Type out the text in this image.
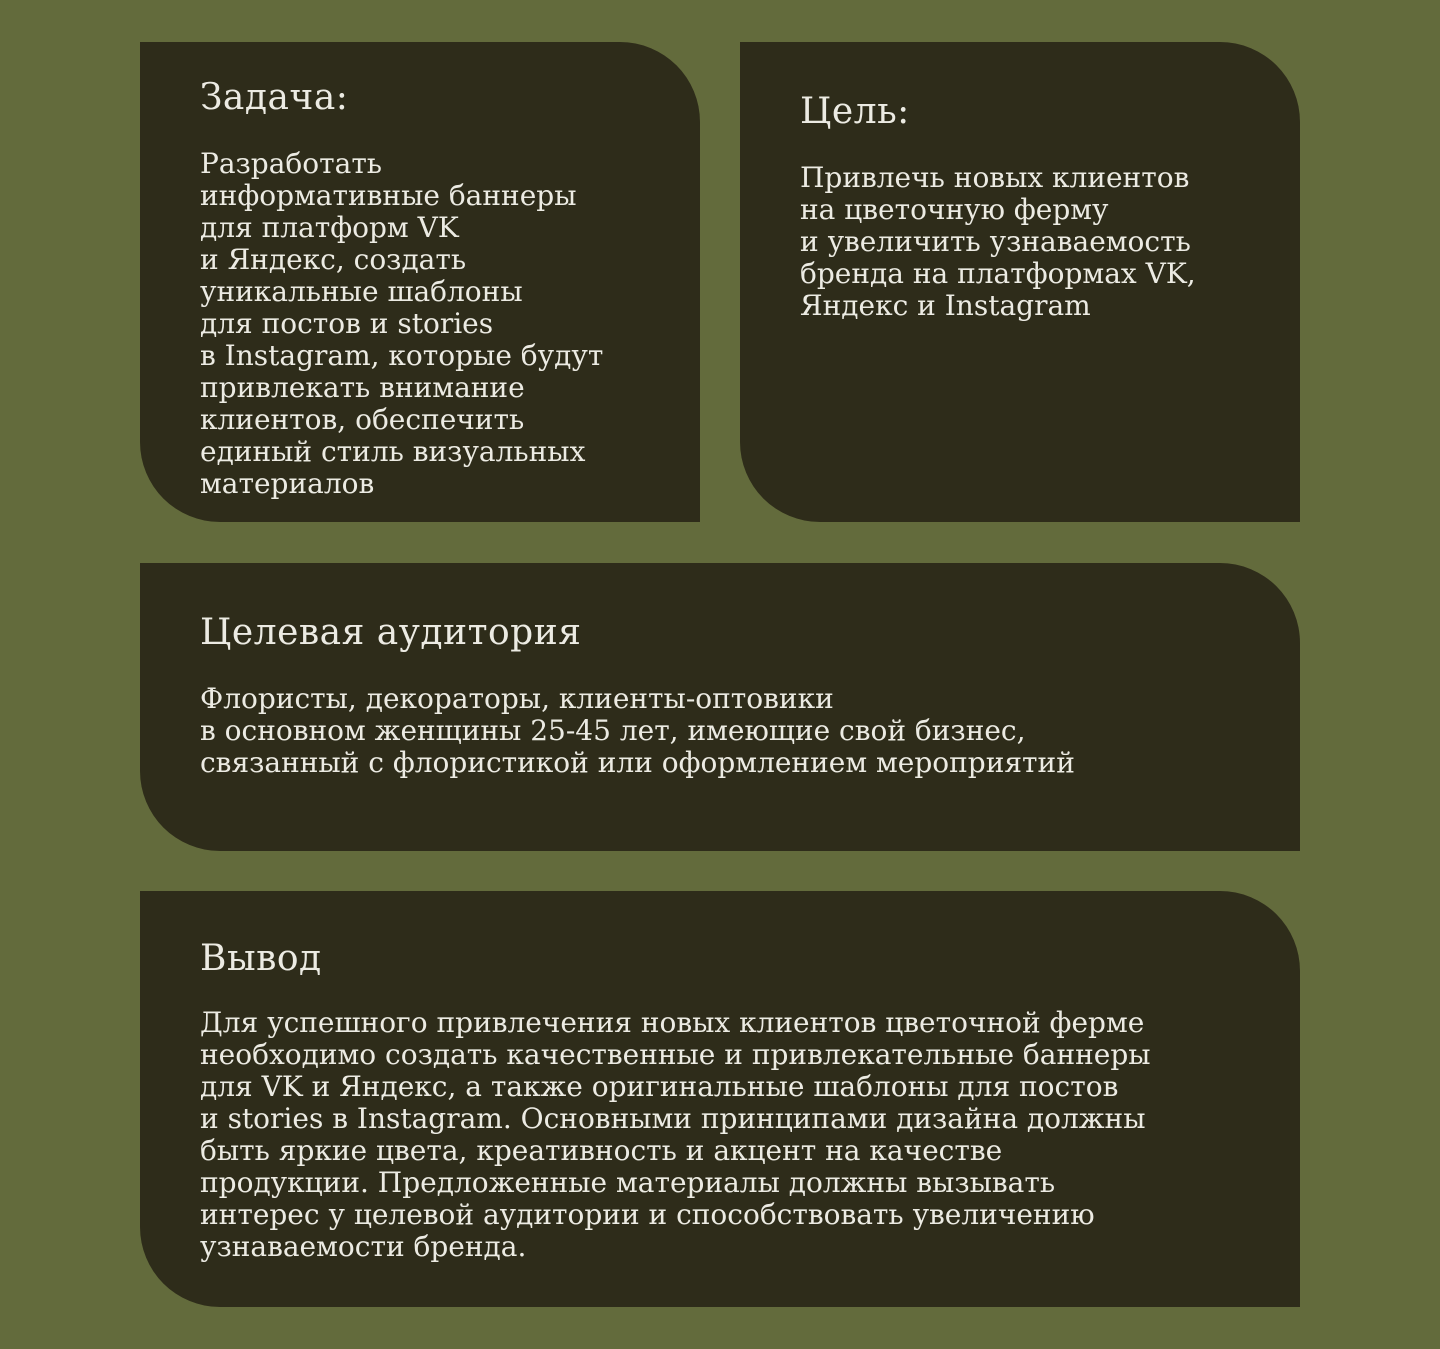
Задача:

Разработать
информативные баннеры
для платформ VK
и Яндекс, создать
уникальные шаблоны
для постов и stories
в Instagram, которые будут
привлекать внимание
клиентов, обеспечить
единый стиль визуальных
материалов

Цель:

Привлечь новых клиентов
на цветочную ферму
и увеличить узнаваемость
бренда на платформах VK,
Яндекс и Instagram

Целевая аудитория

Флористы, декораторы, клиенты-оптовики
в основном женщины 25-45 лет, имеющие свой бизнес,
связанный с флористикой или оформлением мероприятий

Вывод

Для успешного привлечения новых клиентов цветочной ферме
необходимо создать качественные и привлекательные баннеры
для VK и Яндекс, а также оригинальные шаблоны для постов
и stories в Instagram. Основными принципами дизайна должны
быть яркие цвета, креативность и акцент на качестве
продукции. Предложенные материалы должны вызывать
интерес у целевой аудитории и способствовать увеличению
узнаваемости бренда.
